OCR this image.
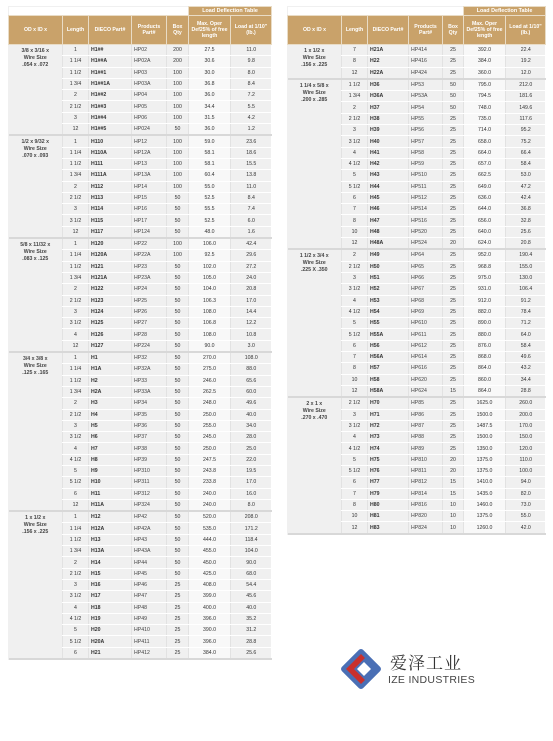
					Load Deflection Table	
OD x ID x	Length	DIECO Part#	Products Part#	Box Qty	Max. Oper Def25% of free length	Load at 1/10" (lb.)

3/8 x 3/16 x
Wire Size
.054 x .072	1	H1##	HP02	200	27.5	11.0
	1 1/4	H1##A	HP02A	200	30.6	9.8
	1 1/2	H1##1	HP03	100	30.0	8.0
	1 3/4	H1##1A	HP03A	100	36.8	8.4
	2	H1##2	HP04	100	36.0	7.2
	2 1/2	H1##3	HP05	100	34.4	5.5
	3	H1##4	HP06	100	31.5	4.2
	12	H1##5	HP024	50	36.0	1.2

1/2 x 9/32 x
Wire Size
.070 x .093	1	H110	HP12	100	59.0	23.6
	1 1/4	H110A	HP12A	100	58.1	18.6
	1 1/2	H111	HP13	100	58.1	15.5
	1 3/4	H111A	HP13A	100	60.4	13.8
	2	H112	HP14	100	55.0	11.0
	2 1/2	H113	HP15	50	52.5	8.4
	3	H114	HP16	50	55.5	7.4
	3 1/2	H115	HP17	50	52.5	6.0
	12	H117	HP124	50	48.0	1.6

5/8 x 11/32 x
Wire Size
.083 x .125	1	H120	HP22	100	106.0	42.4
	1 1/4	H120A	HP22A	100	92.5	29.6
	1 1/2	H121	HP23	50	102.0	27.2
	1 3/4	H121A	HP23A	50	105.0	24.0
	2	H122	HP24	50	104.0	20.8
	2 1/2	H123	HP25	50	106.3	17.0
	3	H124	HP26	50	108.0	14.4
	3 1/2	H125	HP27	50	106.8	12.2
	4	H126	HP28	50	108.0	10.8
	12	H127	HP224	50	90.0	3.0

3/4 x 3/8 x
Wire Size
.125 x .165	1	H1	HP32	50	270.0	108.0
	1 1/4	H1A	HP32A	50	275.0	88.0
	1 1/2	H2	HP33	50	246.0	65.6
	1 3/4	H2A	HP33A	50	262.5	60.0
	2	H3	HP34	50	248.0	49.6
	2 1/2	H4	HP35	50	250.0	40.0
	3	H5	HP36	50	255.0	34.0
	3 1/2	H6	HP37	50	245.0	28.0
	4	H7	HP38	50	250.0	25.0
	4 1/2	H8	HP39	50	247.5	22.0
	5	H9	HP310	50	243.8	19.5
	5 1/2	H10	HP311	50	233.8	17.0
	6	H11	HP312	50	240.0	16.0
	12	H11A	HP324	50	240.0	8.0

1 x 1/2 x
Wire Size
.156 x .225	1	H12	HP42	50	520.0	208.0
	1 1/4	H12A	HP42A	50	535.0	171.2
	1 1/2	H13	HP43	50	444.0	118.4
	1 3/4	H13A	HP43A	50	455.0	104.0
	2	H14	HP44	50	450.0	90.0
	2 1/2	H15	HP45	50	425.0	68.0
	3	H16	HP46	25	408.0	54.4
	3 1/2	H17	HP47	25	399.0	45.6
	4	H18	HP48	25	400.0	40.0
	4 1/2	H19	HP49	25	396.0	35.2
	5	H20	HP410	25	390.0	31.2
	5 1/2	H20A	HP411	25	396.0	28.8
	6	H21	HP412	25	384.0	25.6
					Load Deflection Table	
OD x ID x	Length	DIECO Part#	Products Part#	Box Qty	Max. Oper Def25% of free length	Load at 1/10" (lb.)

1 x 1/2 x
Wire Size
.156 x .225	7	H21A	HP414	25	392.0	22.4
	8	H22	HP416	25	384.0	19.2
	12	H22A	HP424	25	360.0	12.0

1 1/4 x 5/8 x
Wire Size
.200 x .285	1 1/2	H36	HP53	50	795.0	212.0
	1 3/4	H36A	HP53A	50	794.5	181.6
	2	H37	HP54	50	748.0	149.6
	2 1/2	H38	HP55	25	735.0	117.6
	3	H39	HP56	25	714.0	95.2
	3 1/2	H40	HP57	25	658.0	75.2
	4	H41	HP58	25	664.0	66.4
	4 1/2	H42	HP59	25	657.0	58.4
	5	H43	HP510	25	662.5	53.0
	5 1/2	H44	HP511	25	649.0	47.2
	6	H45	HP512	25	636.0	42.4
	7	H46	HP514	25	644.0	36.8
	8	H47	HP516	25	656.0	32.8
	10	H48	HP520	25	640.0	25.6
	12	H48A	HP524	20	624.0	20.8

1 1/2 x 3/4 x
Wire Size
.225 X .350	2	H49	HP64	25	952.0	190.4
	2 1/2	H50	HP65	25	968.8	155.0
	3	H51	HP66	25	975.0	130.0
	3 1/2	H52	HP67	25	931.0	106.4
	4	H53	HP68	25	912.0	91.2
	4 1/2	H54	HP69	25	882.0	78.4
	5	H55	HP610	25	890.0	71.2
	5 1/2	H55A	HP611	25	880.0	64.0
	6	H56	HP612	25	876.0	58.4
	7	H56A	HP614	25	868.0	49.6
	8	H57	HP616	25	864.0	43.2
	10	H58	HP620	25	860.0	34.4
	12	H58A	HP624	15	864.0	28.8

2 x 1 x
Wire Size
.270 x .470	2 1/2	H70	HP85	25	1625.0	260.0
	3	H71	HP86	25	1500.0	200.0
	3 1/2	H72	HP87	25	1487.5	170.0
	4	H73	HP88	25	1500.0	150.0
	4 1/2	H74	HP89	25	1350.0	120.0
	5	H75	HP810	20	1375.0	110.0
	5 1/2	H76	HP811	20	1375.0	100.0
	6	H77	HP812	15	1410.0	94.0
	7	H79	HP814	15	1435.0	82.0
	8	H80	HP816	10	1460.0	73.0
	10	H81	HP820	10	1375.0	55.0
	12	H83	HP824	10	1260.0	42.0
爱泽工业
IZE INDUSTRIES
